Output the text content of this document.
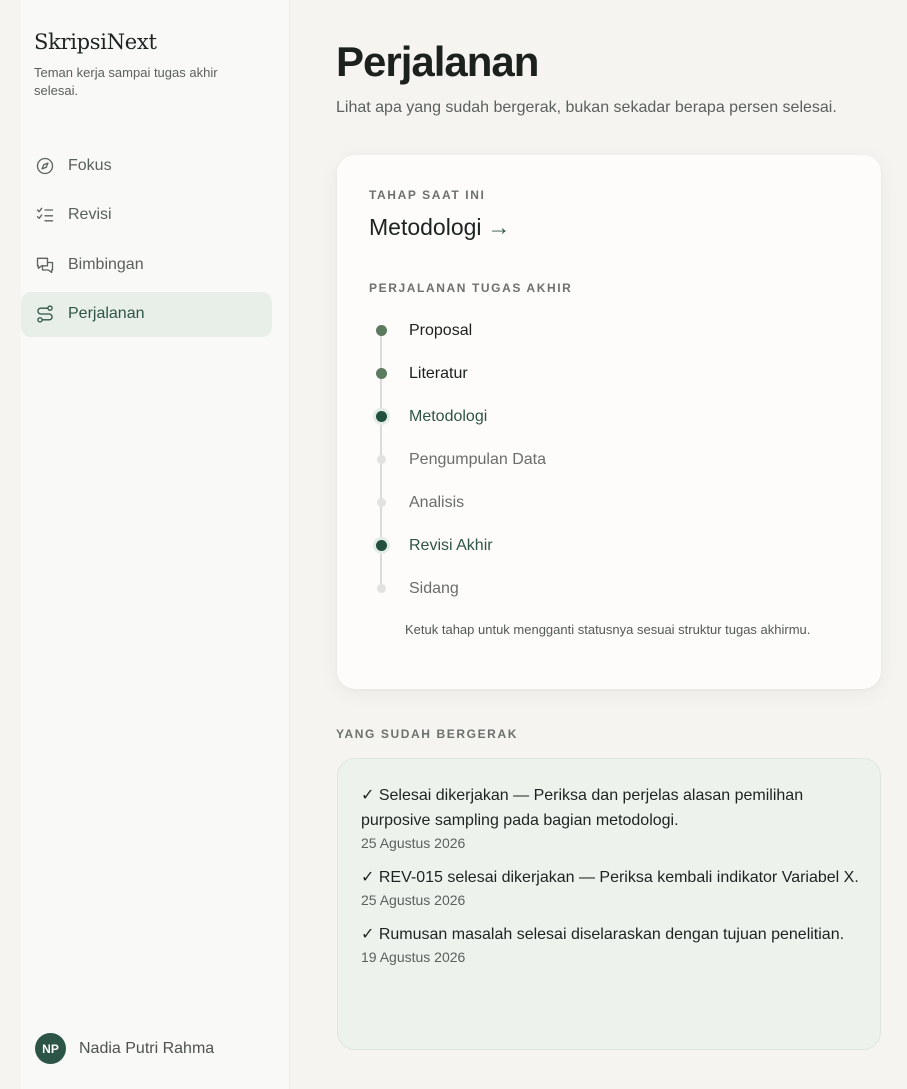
SkripsiNext
Teman kerja sampai tugas akhir selesai.
Fokus
Revisi
Bimbingan
Perjalanan
NP	Nadia Putri Rahma
Perjalanan

Lihat apa yang sudah bergerak, bukan sekadar berapa persen selesai.

TAHAP SAAT INI
Metodologi →
PERJALANAN TUGAS AKHIR
Proposal
Literatur
Metodologi
Pengumpulan Data
Analisis
Revisi Akhir
Sidang

Ketuk tahap untuk mengganti statusnya sesuai struktur tugas akhirmu.

YANG SUDAH BERGERAK
✓ Selesai dikerjakan — Periksa dan perjelas alasan pemilihan purposive sampling pada bagian metodologi.
25 Agustus 2026
✓ REV-015 selesai dikerjakan — Periksa kembali indikator Variabel X.
25 Agustus 2026
✓ Rumusan masalah selesai diselaraskan dengan tujuan penelitian.
19 Agustus 2026
